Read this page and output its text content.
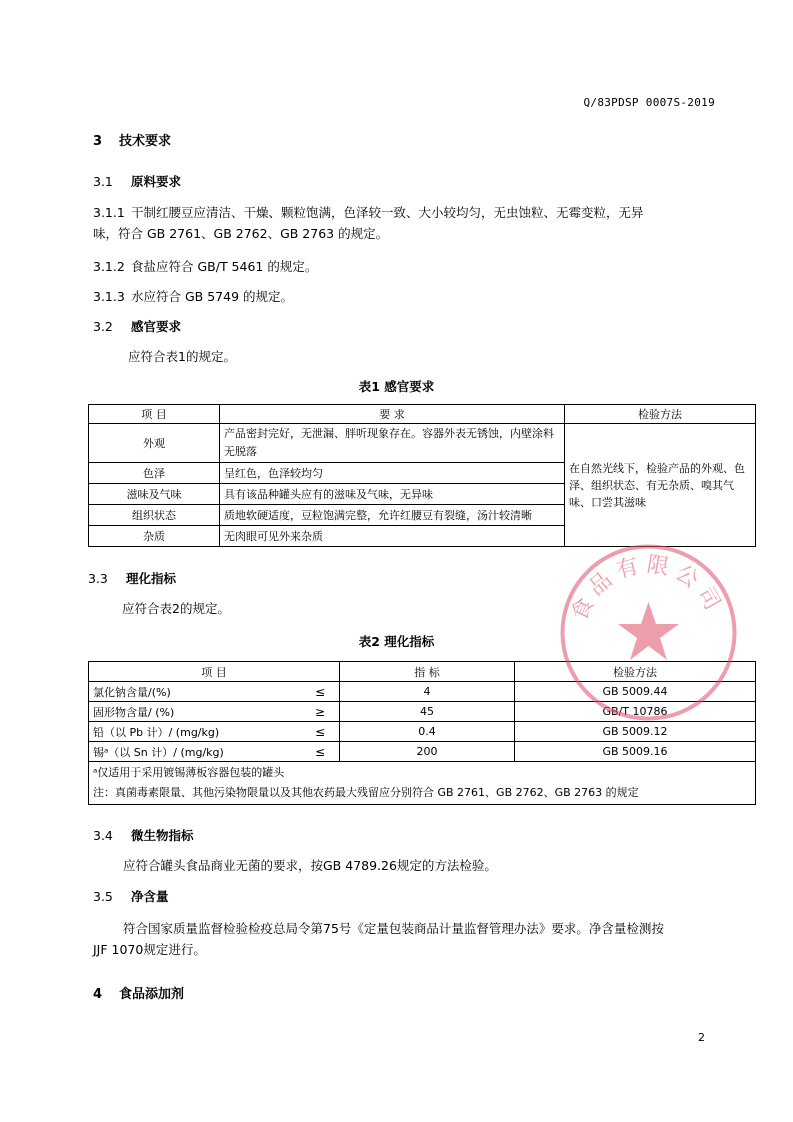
Q/83PDSP 0007S-2019
3 技术要求
3.1 原料要求
3.1.1 干制红腰豆应清洁、干燥、颗粒饱满，色泽较一致、大小较均匀，无虫蚀粒、无霉变粒，无异
味，符合 GB 2761、GB 2762、GB 2763 的规定。
3.1.2 食盐应符合 GB/T 5461 的规定。
3.1.3 水应符合 GB 5749 的规定。
3.2 感官要求
应符合表1的规定。
表1 感官要求
项 目	要 求	检验方法
外观	产品密封完好，无泄漏、胖听现象存在。容器外表无锈蚀，内壁涂料无脱落	在自然光线下，检验产品的外观、色泽、组织状态、有无杂质、嗅其气味、口尝其滋味
色泽	呈红色，色泽较均匀	
滋味及气味	具有该品种罐头应有的滋味及气味，无异味	
组织状态	质地软硬适度，豆粒饱满完整，允许红腰豆有裂缝，汤汁较清晰	
杂质	无肉眼可见外来杂质	
3.3 理化指标
应符合表2的规定。
表2 理化指标
项 目		指 标	检验方法
氯化钠含量/(%)	≤	4	GB 5009.44
固形物含量/ (%)	≥	45	GB/T 10786
铅（以 Pb 计）/ (mg/kg)	≤	0.4	GB 5009.12
锡ᵃ（以 Sn 计）/ (mg/kg)	≤	200	GB 5009.16

ᵃ仅适用于采用镀锡薄板容器包装的罐头
注：真菌毒素限量、其他污染物限量以及其他农药最大残留应分别符合 GB 2761、GB 2762、GB 2763 的规定			
3.4 微生物指标
应符合罐头食品商业无菌的要求，按GB 4789.26规定的方法检验。
3.5 净含量
符合国家质量监督检验检疫总局令第75号《定量包装商品计量监督管理办法》要求。净含量检测按
JJF 1070规定进行。
4 食品添加剂
2
食品有限公司
